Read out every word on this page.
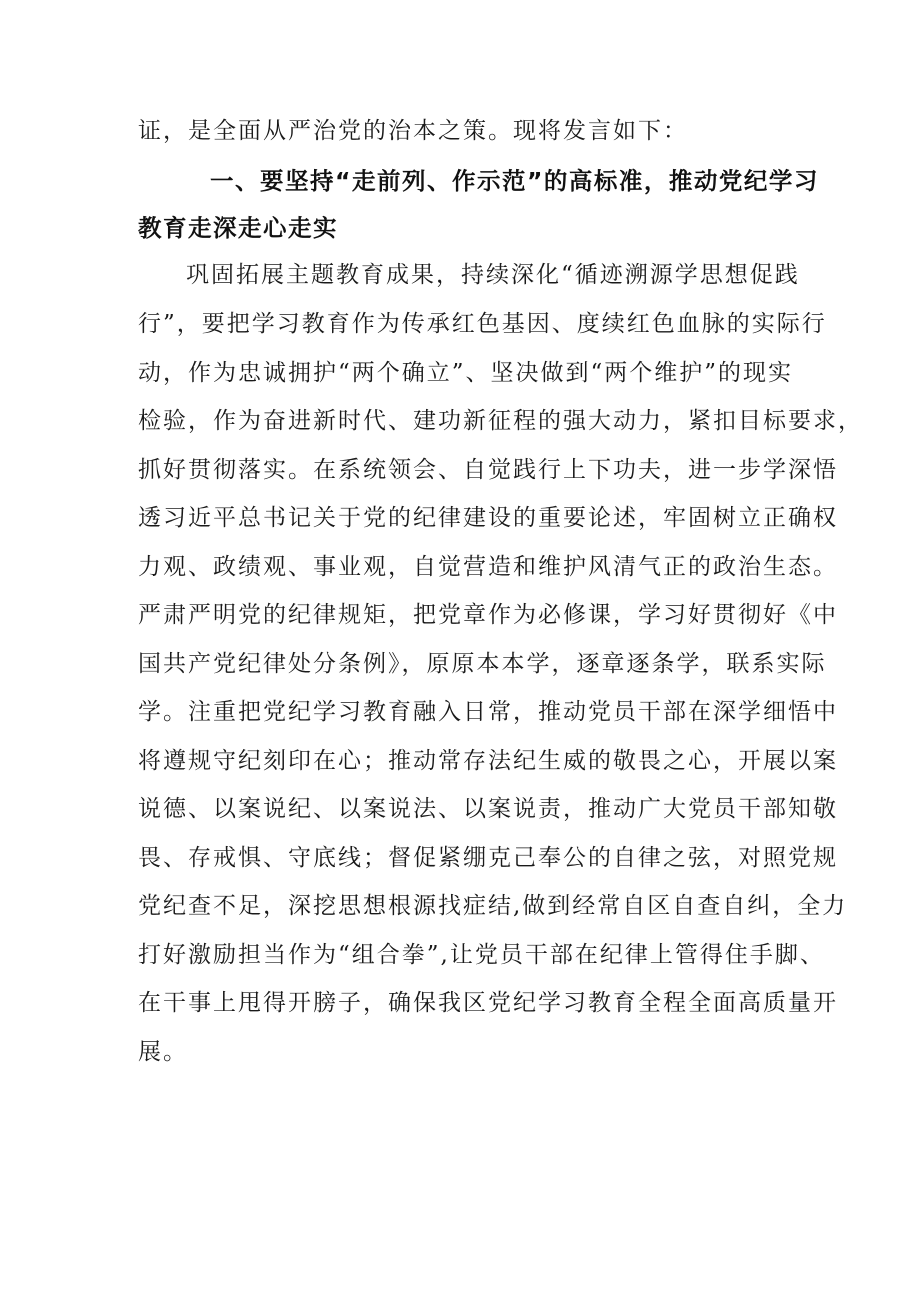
证，是全面从严治党的治本之策。现将发言如下：
一、要坚持“走前列、作示范”的高标准，推动党纪学习
教育走深走心走实
巩固拓展主题教育成果，持续深化“循迹溯源学思想促践
行”，要把学习教育作为传承红色基因、度续红色血脉的实际行
动，作为忠诚拥护“两个确立”、坚决做到“两个维护”的现实
检验，作为奋进新时代、建功新征程的强大动力，紧扣目标要求，
抓好贯彻落实。在系统领会、自觉践行上下功夫，进一步学深悟
透习近平总书记关于党的纪律建设的重要论述，牢固树立正确权
力观、政绩观、事业观，自觉营造和维护风清气正的政治生态。
严肃严明党的纪律规矩，把党章作为必修课，学习好贯彻好《中
国共产党纪律处分条例》，原原本本学，逐章逐条学，联系实际
学。注重把党纪学习教育融入日常，推动党员干部在深学细悟中
将遵规守纪刻印在心；推动常存法纪生威的敬畏之心，开展以案
说德、以案说纪、以案说法、以案说责，推动广大党员干部知敬
畏、存戒惧、守底线；督促紧绷克己奉公的自律之弦，对照党规
党纪查不足，深挖思想根源找症结,做到经常自区自查自纠，全力
打好激励担当作为“组合拳”,让党员干部在纪律上管得住手脚、
在干事上甩得开膀子，确保我区党纪学习教育全程全面高质量开
展。
